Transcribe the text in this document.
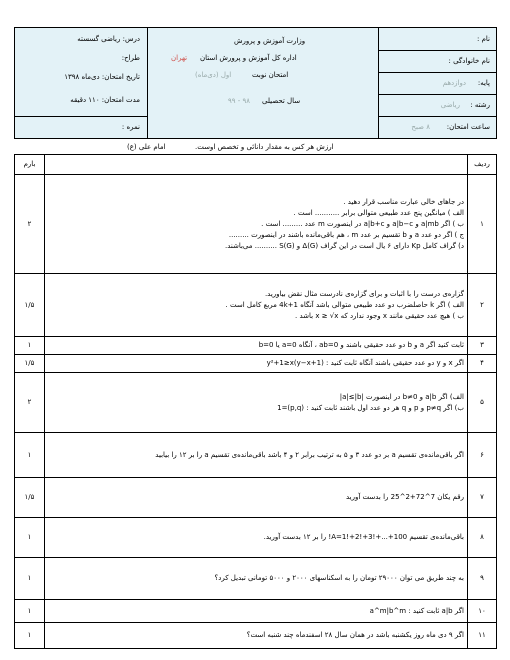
نام :
نام خانوادگی :
پایه:
دوازدهم
رشته :
ریاضی
ساعت امتحان:
۸ صبح
وزارت آموزش و پرورش
اداره کل آموزش و پرورش استان
تهران
امتحان نوبت
اول (دی‌ماه)
سال تحصیلی
۹۸ - ۹۹
درس: ریاضی گسسته
طراح:
تاریخ امتحان: دی‌ماه ۱۳۹۸
مدت امتحان: ۱۱۰ دقیقه
نمره :
امام علی (ع)	ارزش هر کس به مقدار دانائی و تخصص اوست.
ردیف		بارم
۱	در جاهای خالی عبارت مناسب قرار دهید .
الف ) میانگین پنج عدد طبیعی متوالی برابر ........... است .
ب ) اگر a|mb و a|b−c و a|b+c در اینصورت m عدد ......... است .
ج ) اگر دو عدد a و b تقسیم بر عدد m ، هم باقی‌مانده باشند در اینصورت .........
د) گراف کامل Kp دارای ۶ یال است در این گراف Δ(G) و S(G) .......... می‌باشند.	۲
۲	گزاره‌ی درست را با اثبات و برای گزاره‌ی نادرست مثال نقض بیاورید.
الف ) اگر k حاصلضرب دو عدد طبیعی متوالی باشد آنگاه 4k+1 مربع کامل است .
ب ) هیچ عدد حقیقی مانند x وجود ندارد که x ≥ √x باشد .	۱/۵
۳	ثابت کنید اگر a و b دو عدد حقیقی باشند و ab=0 ، آنگاه a=0 یا b=0	۱
۴	اگر x و y دو عدد حقیقی باشند آنگاه ثابت کنید : y²+1≥x(y−x+1)	۱/۵
۵	الف) اگر a|b و b≠0 در اینصورت |a|≤|b|
ب) اگر p≠q و p و q هر دو عدد اول باشند ثابت کنید : (p,q)=1	۲
۶	اگر باقی‌مانده‌ی تقسیم a بر دو عدد ۳ و ۵ به ترتیب برابر ۲ و ۴ باشد باقی‌مانده‌ی تقسیم a را بر ۱۲ را بیابید	۱
۷	رقم یکان 7^72+2^25 را بدست آورید	۱/۵
۸	باقی‌مانده‌ی تقسیم A=1!+2!+3!+...+100! را بر ۱۲ بدست آورید.	۱
۹	به چند طریق می توان ۲۹۰۰۰ تومان را به اسکناسهای ۲۰۰۰ و ۵۰۰۰ تومانی تبدیل کرد؟	۱
۱۰	اگر a|b ثابت کنید : a^m|b^m	۱
۱۱	اگر ۹ دی ماه روز یکشنبه باشد در همان سال ۲۸ اسفندماه چند شنبه است؟	۱
